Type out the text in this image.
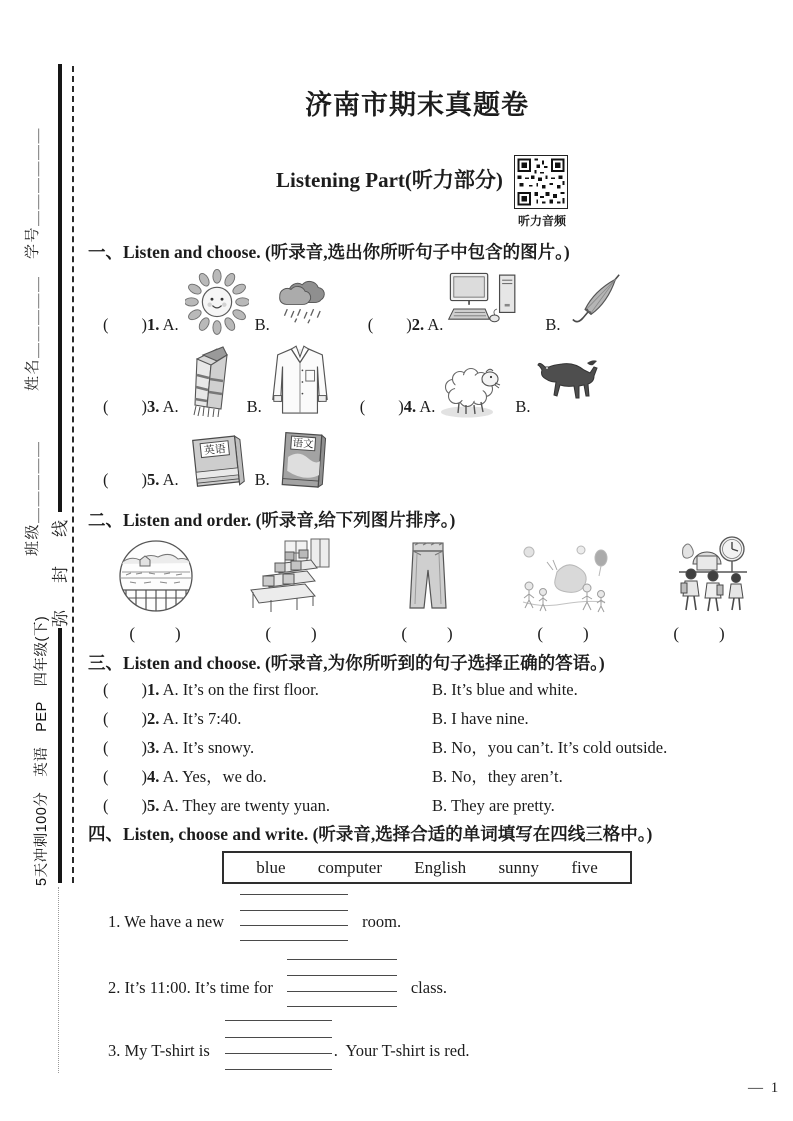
班级＿＿＿＿＿　　　姓名＿＿＿＿＿　学号＿＿＿＿＿＿ 线
封
弥
5天冲刺100分　英语　PEP　四年级(下)
济南市期末真题卷
Listening Part(听力部分)
听力音频
一、Listen and choose. (听录音,选出你所听句子中包含的图片。)
(　　)1. A.	B.	(　　)2. A.	B.
(　　)3. A.	B.	(　　)4. A.	B.
(　　)5. A.
英语
B.
语文
二、Listen and order. (听录音,给下列图片排序。)
(　　)	(　　)	(　　)	(　　)	(　　)
三、Listen and choose. (听录音,为你所听到的句子选择正确的答语。)
(　　)1. A. It’s on the first floor.	B. It’s blue and white.
(　　)2. A. It’s 7:40.	B. I have nine.
(　　)3. A. It’s snowy.	B. No，you can’t. It’s cold outside.
(　　)4. A. Yes，we do.	B. No，they aren’t.
(　　)5. A. They are twenty yuan.	B. They are pretty.
四、Listen, choose and write. (听录音,选择合适的单词填写在四线三格中。)
blue computer English sunny five
1. We have a new	room.
2. It’s 11:00. It’s time for	class.
3. My T-shirt is	.  Your T-shirt is red.
— 1
